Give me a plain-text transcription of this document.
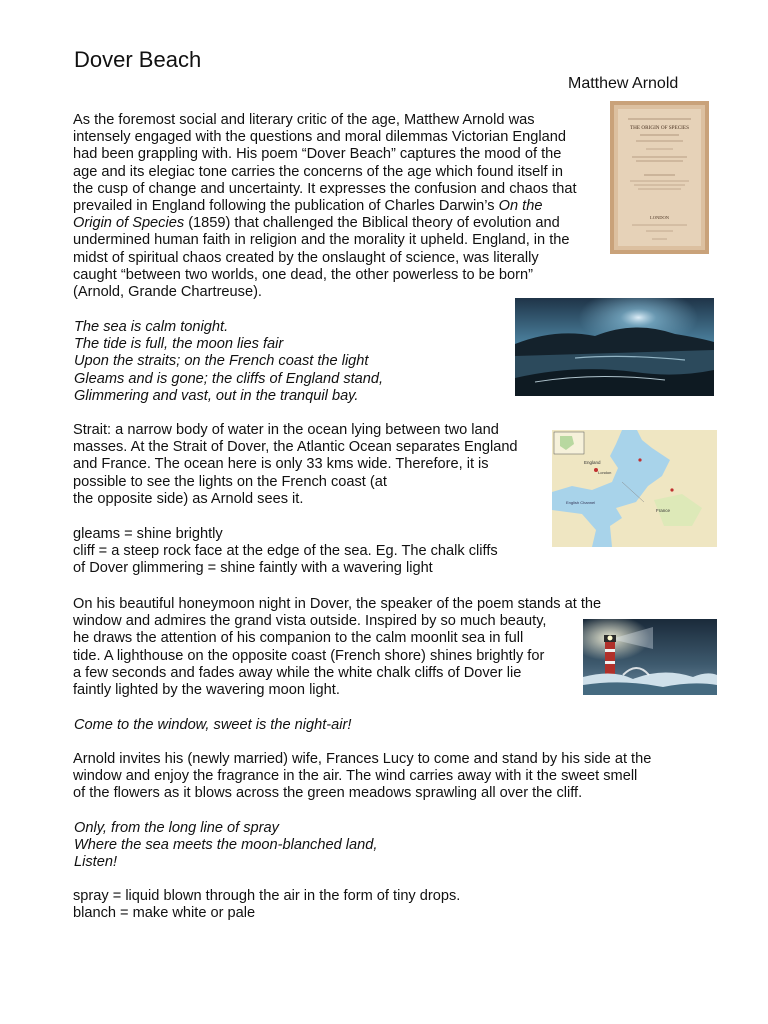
Dover Beach
Matthew Arnold
As the foremost social and literary critic of the age, Matthew Arnold was
intensely engaged with the questions and moral dilemmas Victorian England
had been grappling with. His poem “Dover Beach” captures the mood of the
age and its elegiac tone carries the concerns of the age which found itself in
the cusp of change and uncertainty. It expresses the confusion and chaos that
prevailed in England following the publication of Charles Darwin’s On the
Origin of Species (1859) that challenged the Biblical theory of evolution and
undermined human faith in religion and the morality it upheld. England, in the
midst of spiritual chaos created by the onslaught of science, was literally
caught “between two worlds, one dead, the other powerless to be born”
(Arnold, Grande Chartreuse).
THE ORIGIN OF SPECIES
LONDON
The sea is calm tonight.
The tide is full, the moon lies fair
Upon the straits; on the French coast the light
Gleams and is gone; the cliffs of England stand,
Glimmering and vast, out in the tranquil bay.
Strait: a narrow body of water in the ocean lying between two land
masses. At the Strait of Dover, the Atlantic Ocean separates England
and France. The ocean here is only 33 kms wide. Therefore, it is
possible to see the lights on the French coast (at
the opposite side) as Arnold sees it.
England
London
France
English Channel
gleams = shine brightly
cliff = a steep rock face at the edge of the sea. Eg. The chalk cliffs
of Dover glimmering = shine faintly with a wavering light
On his beautiful honeymoon night in Dover, the speaker of the poem stands at the
window and admires the grand vista outside. Inspired by so much beauty,
he draws the attention of his companion to the calm moonlit sea in full
tide. A lighthouse on the opposite coast (French shore) shines brightly for
a few seconds and fades away while the white chalk cliffs of Dover lie
faintly lighted by the wavering moon light.
Come to the window, sweet is the night-air!
Arnold invites his (newly married) wife, Frances Lucy to come and stand by his side at the
window and enjoy the fragrance in the air. The wind carries away with it the sweet smell
of the flowers as it blows across the green meadows sprawling all over the cliff.
Only, from the long line of spray
Where the sea meets the moon-blanched land,
Listen!
spray = liquid blown through the air in the form of tiny drops.
blanch = make white or pale
